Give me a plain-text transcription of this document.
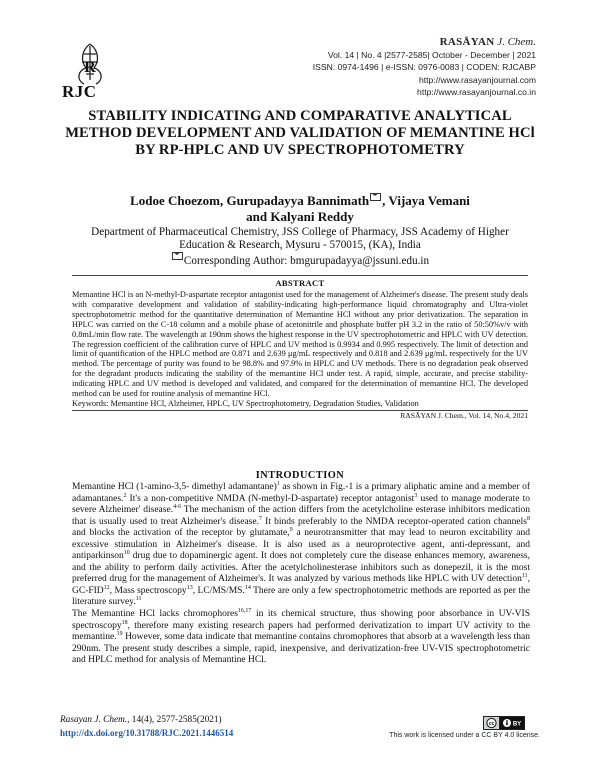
R
RJC
RASĀYAN J. Chem.
Vol. 14 | No. 4 |2577-2585| October - December | 2021
ISSN: 0974-1496 | e-ISSN: 0976-0083 | CODEN: RJCABP
http://www.rasayanjournal.com
http://www.rasayanjournal.co.in
STABILITY INDICATING AND COMPARATIVE ANALYTICAL METHOD DEVELOPMENT AND VALIDATION OF MEMANTINE HCl BY RP-HPLC AND UV SPECTROPHOTOMETRY
Lodoe Choezom, Gurupadayya Bannimath , Vijaya Vemani
and Kalyani Reddy
Department of Pharmaceutical Chemistry, JSS College of Pharmacy, JSS Academy of Higher
Education & Research, Mysuru - 570015, (KA), India
Corresponding Author: bmgurupadayya@jssuni.edu.in
ABSTRACT
Memantine HCl is an N-methyl-D-aspartate receptor antagonist used for the management of Alzheimer's disease. The present study deals with comparative development and validation of stability-indicating high-performance liquid chromatography and Ultra-violet spectrophotometric method for the quantitative determination of Memantine HCl without any prior derivatization. The separation in HPLC was carried on the C-18 column and a mobile phase of acetonitrile and phosphate buffer pH 3.2 in the ratio of 50:50%v/v with 0.8mL/min flow rate. The wavelength at 190nm shows the highest response in the UV spectrophotometric and HPLC with UV detection. The regression coefficient of the calibration curve of HPLC and UV method is 0.9934 and 0.995 respectively. The limit of detection and limit of quantification of the HPLC method are 0.871 and 2.639 μg/mL respectively and 0.818 and 2.639 μg/mL respectively for the UV method. The percentage of purity was found to be 98.8% and 97.9% in HPLC and UV methods. There is no degradation peak observed for the degradant products indicating the stability of the memantine HCl under test. A rapid, simple, accurate, and precise stability-indicating HPLC and UV method is developed and validated, and compared for the determination of memantine HCl. The developed method can be used for routine analysis of memantine HCl.
Keywords: Memantine HCl, Alzheimer, HPLC, UV Spectrophotometry, Degradation Studies, Validation
RASĀYAN J. Chem., Vol. 14, No.4, 2021
INTRODUCTION

Memantine HCl (1-amino-3,5- dimethyl adamantane)$^1$ as shown in Fig.-1 is a primary aliphatic amine and a member of adamantanes.$^2$ It's a non-competitive NMDA (N-methyl-D-aspartate) receptor antagonist$^3$ used to manage moderate to severe Alzheimer' disease.$^{4-6}$ The mechanism of the action differs from the acetylcholine esterase inhibitors medication that is usually used to treat Alzheimer's disease.$^7$ It binds preferably to the NMDA receptor-operated cation channels$^8$ and blocks the activation of the receptor by glutamate,$^9$ a neurotransmitter that may lead to neuron excitability and excessive stimulation in Alzheimer's disease. It is also used as a neuroprotective agent, anti-depressant, and antiparkinson$^{10}$ drug due to dopaminergic agent. It does not completely cure the disease enhances memory, awareness, and the ability to perform daily activities. After the acetylcholinesterase inhibitors such as donepezil, it is the most preferred drug for the management of Alzheimer's. It was analyzed by various methods like HPLC with UV detection$^{11}$, GC-FID$^{12}$, Mass spectroscopy$^{13}$, LC/MS/MS.$^{14}$ There are only a few spectrophotometric methods are reported as per the literature survey.$^{11}$

The Memantine HCl lacks chromophores$^{16,17}$ in its chemical structure, thus showing poor absorbance in UV-VIS spectroscopy$^{18}$, therefore many existing research papers had performed derivatization to impart UV activity to the memantine.$^{19}$ However, some data indicate that memantine contains chromophores that absorb at a wavelength less than 290nm. The present study describes a simple, rapid, inexpensive, and derivatization-free UV-VIS spectrophotometric and HPLC method for analysis of Memantine HCl.

Rasayan J. Chem., 14(4), 2577-2585(2021)
http://dx.doi.org/10.31788/RJC.2021.1446514
cc	BY
This work is licensed under a CC BY 4.0 license.
